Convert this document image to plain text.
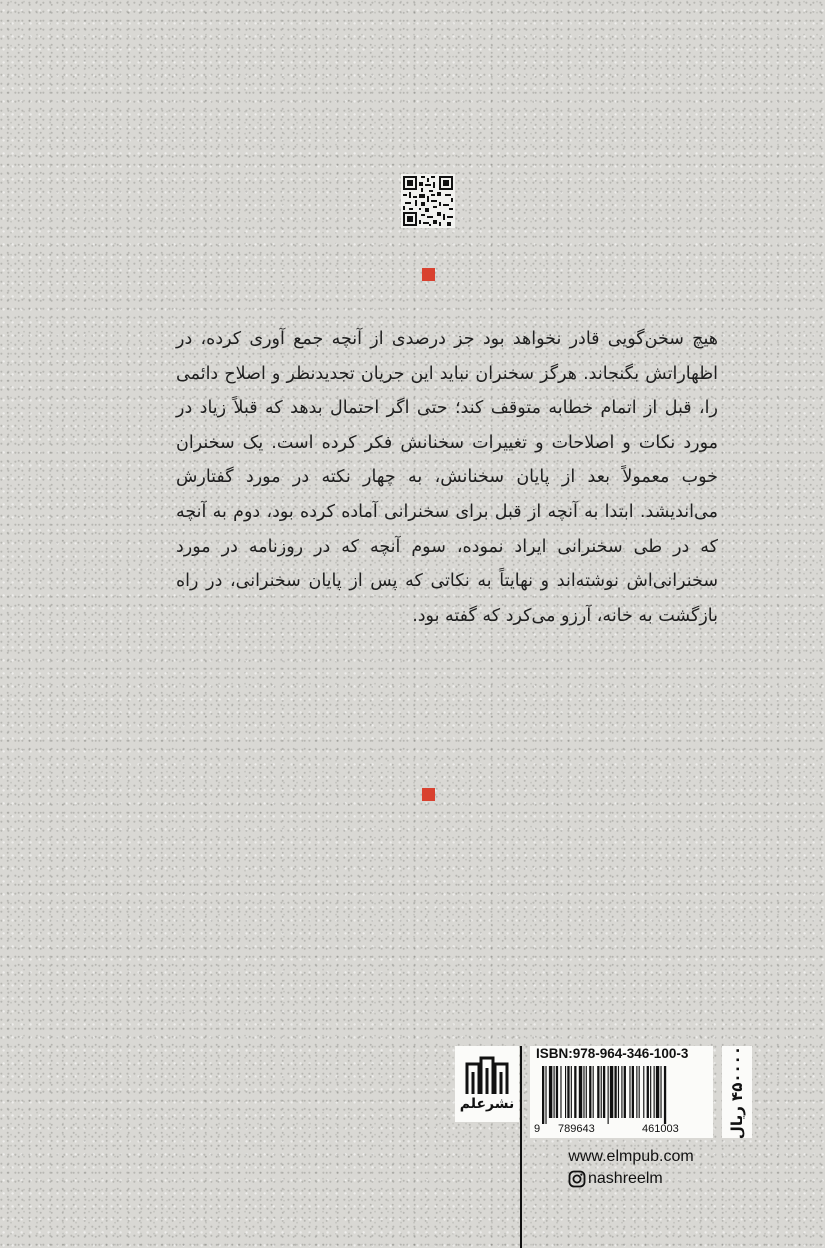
هیچ سخن‌گویی قادر نخواهد بود جز درصدی از آنچه جمع آوری کرده، در اظهاراتش بگنجاند. هرگز سخنران نباید این جریان تجدیدنظر و اصلاح دائمی را، قبل از اتمام خطابه متوقف کند؛ حتی اگر احتمال بدهد که قبلاً زیاد در مورد نکات و اصلاحات و تغییرات سخنانش فکر کرده است. یک سخنران خوب معمولاً بعد از پایان سخنانش، به چهار نکته در مورد گفتارش می‌اندیشد. ابتدا به آنچه از قبل برای سخنرانی آماده کرده بود، دوم به آنچه که در طی سخنرانی ایراد نموده، سوم آنچه که در روزنامه در مورد سخنرانی‌اش نوشته‌اند و نهایتاً به نکاتی که پس از پایان سخنرانی، در راه بازگشت به خانه، آرزو می‌کرد که گفته بود.

نشرعلم
ISBN:978-964-346-100-3
9 789643	461003	۴۵۰۰۰۰ ریال
www.elmpub.com
nashreelm
